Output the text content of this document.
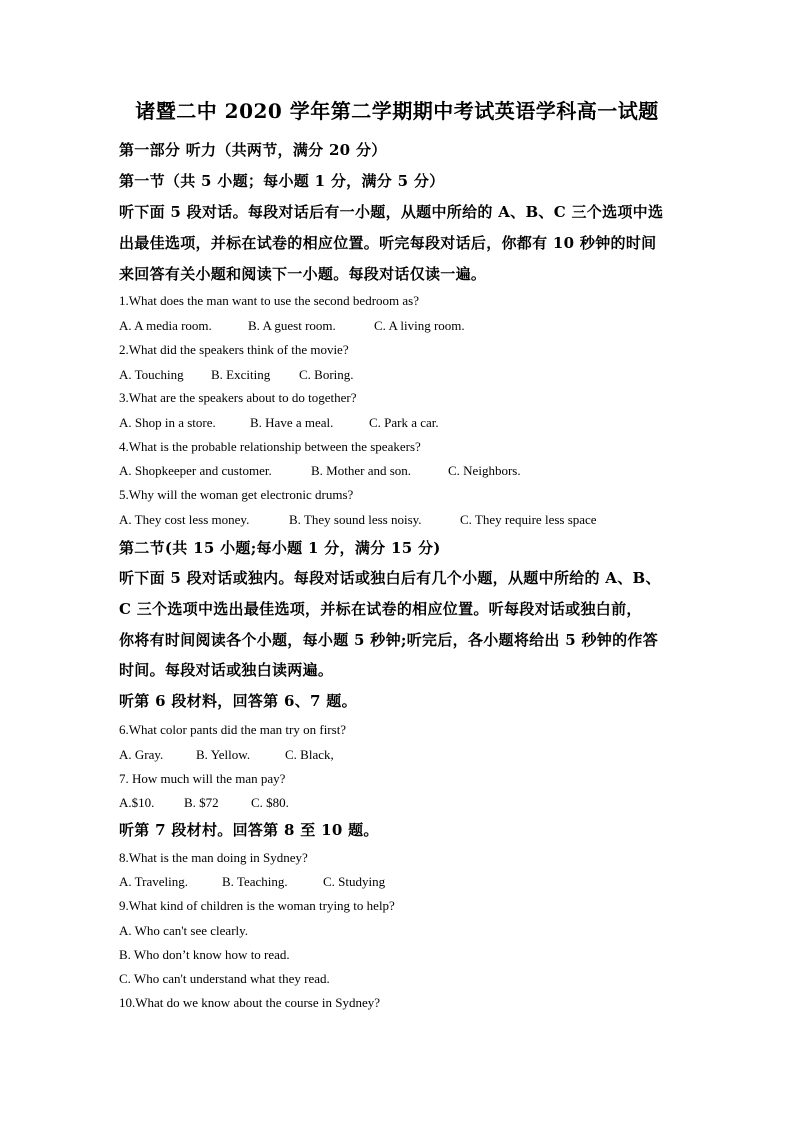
诸暨二中 2020 学年第二学期期中考试英语学科高一试题
第一部分 听力（共两节，满分 20 分）
第一节（共 5 小题；每小题 1 分，满分 5 分）
听下面 5 段对话。每段对话后有一小题，从题中所给的 A、B、C 三个选项中选
出最佳选项，并标在试卷的相应位置。听完每段对话后，你都有 10 秒钟的时间
来回答有关小题和阅读下一小题。每段对话仅读一遍。
1.What does the man want to use the second bedroom as?
A. A media room.	B. A guest room.	C. A living room.
2.What did the speakers think of the movie?
A. Touching B. Exciting C. Boring.
3.What are the speakers about to do together?
A. Shop in a store.	B. Have a meal.	C. Park a car.
4.What is the probable relationship between the speakers?
A. Shopkeeper and customer.	B. Mother and son.	C. Neighbors.
5.Why will the woman get electronic drums?
A. They cost less money.	B. They sound less noisy.	C. They require less space
第二节(共 15 小题;每小题 1 分，满分 15 分)
听下面 5 段对话或独内。每段对话或独白后有几个小题，从题中所给的 A、B、
C 三个选项中选出最佳选项，并标在试卷的相应位置。听每段对话或独白前，
你将有时间阅读各个小题，每小题 5 秒钟;听完后，各小题将给出 5 秒钟的作答
时间。每段对话或独白读两遍。
听第 6 段材料，回答第 6、7 题。
6.What color pants did the man try on first?
A. Gray.	B. Yellow.	C. Black,
7. How much will the man pay?
A.$10. B. $72 C. $80.
听第 7 段材村。回答第 8 至 10 题。
8.What is the man doing in Sydney?
A. Traveling.	B. Teaching.	C. Studying
9.What kind of children is the woman trying to help?
A. Who can't see clearly.
B. Who don’t know how to read.
C. Who can't understand what they read.
10.What do we know about the course in Sydney?
